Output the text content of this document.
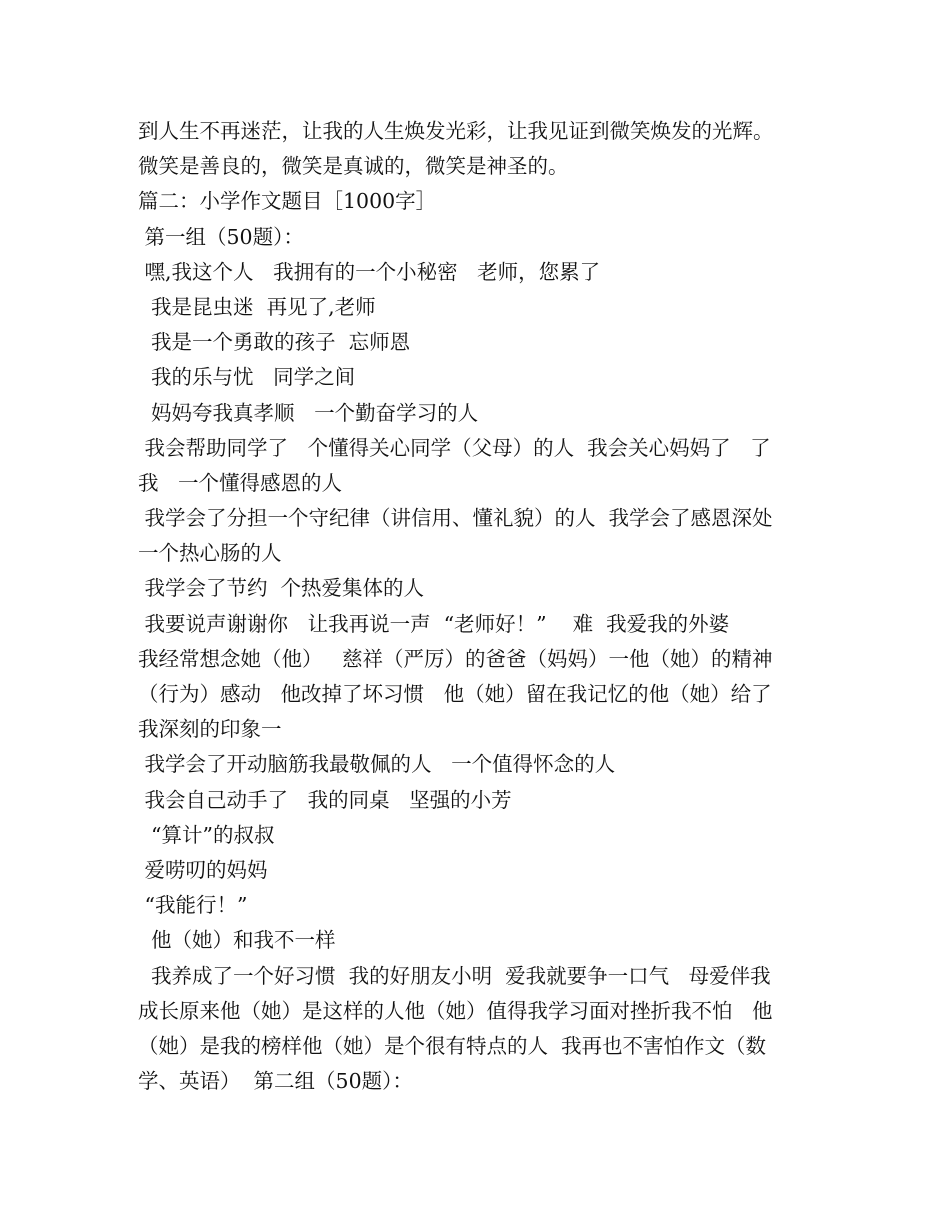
到人生不再迷茫，让我的人生焕发光彩，让我见证到微笑焕发的光辉。
微笑是善良的，微笑是真诚的，微笑是神圣的。
篇二：小学作文题目［1000字］
第一组（50题）：
嘿,我这个人   我拥有的一个小秘密   老师，您累了
我是昆虫迷  再见了,老师
我是一个勇敢的孩子  忘师恩
我的乐与忧   同学之间
妈妈夸我真孝顺   一个勤奋学习的人
我会帮助同学了   个懂得关心同学（父母）的人  我会关心妈妈了   了
我   一个懂得感恩的人
我学会了分担一个守纪律（讲信用、懂礼貌）的人  我学会了感恩深处
一个热心肠的人
我学会了节约  个热爱集体的人
我要说声谢谢你   让我再说一声  “老师好！”    难  我爱我的外婆
我经常想念她（他）   慈祥（严厉）的爸爸（妈妈）一他（她）的精神
（行为）感动   他改掉了坏习惯   他（她）留在我记忆的他（她）给了
我深刻的印象一
我学会了开动脑筋我最敬佩的人   一个值得怀念的人
我会自己动手了   我的同桌   坚强的小芳
“算计”的叔叔
爱唠叨的妈妈
“我能行！”
他（她）和我不一样
我养成了一个好习惯  我的好朋友小明  爱我就要争一口气   母爱伴我
成长原来他（她）是这样的人他（她）值得我学习面对挫折我不怕   他
（她）是我的榜样他（她）是个很有特点的人  我再也不害怕作文（数
学、英语）  第二组（50题）：
